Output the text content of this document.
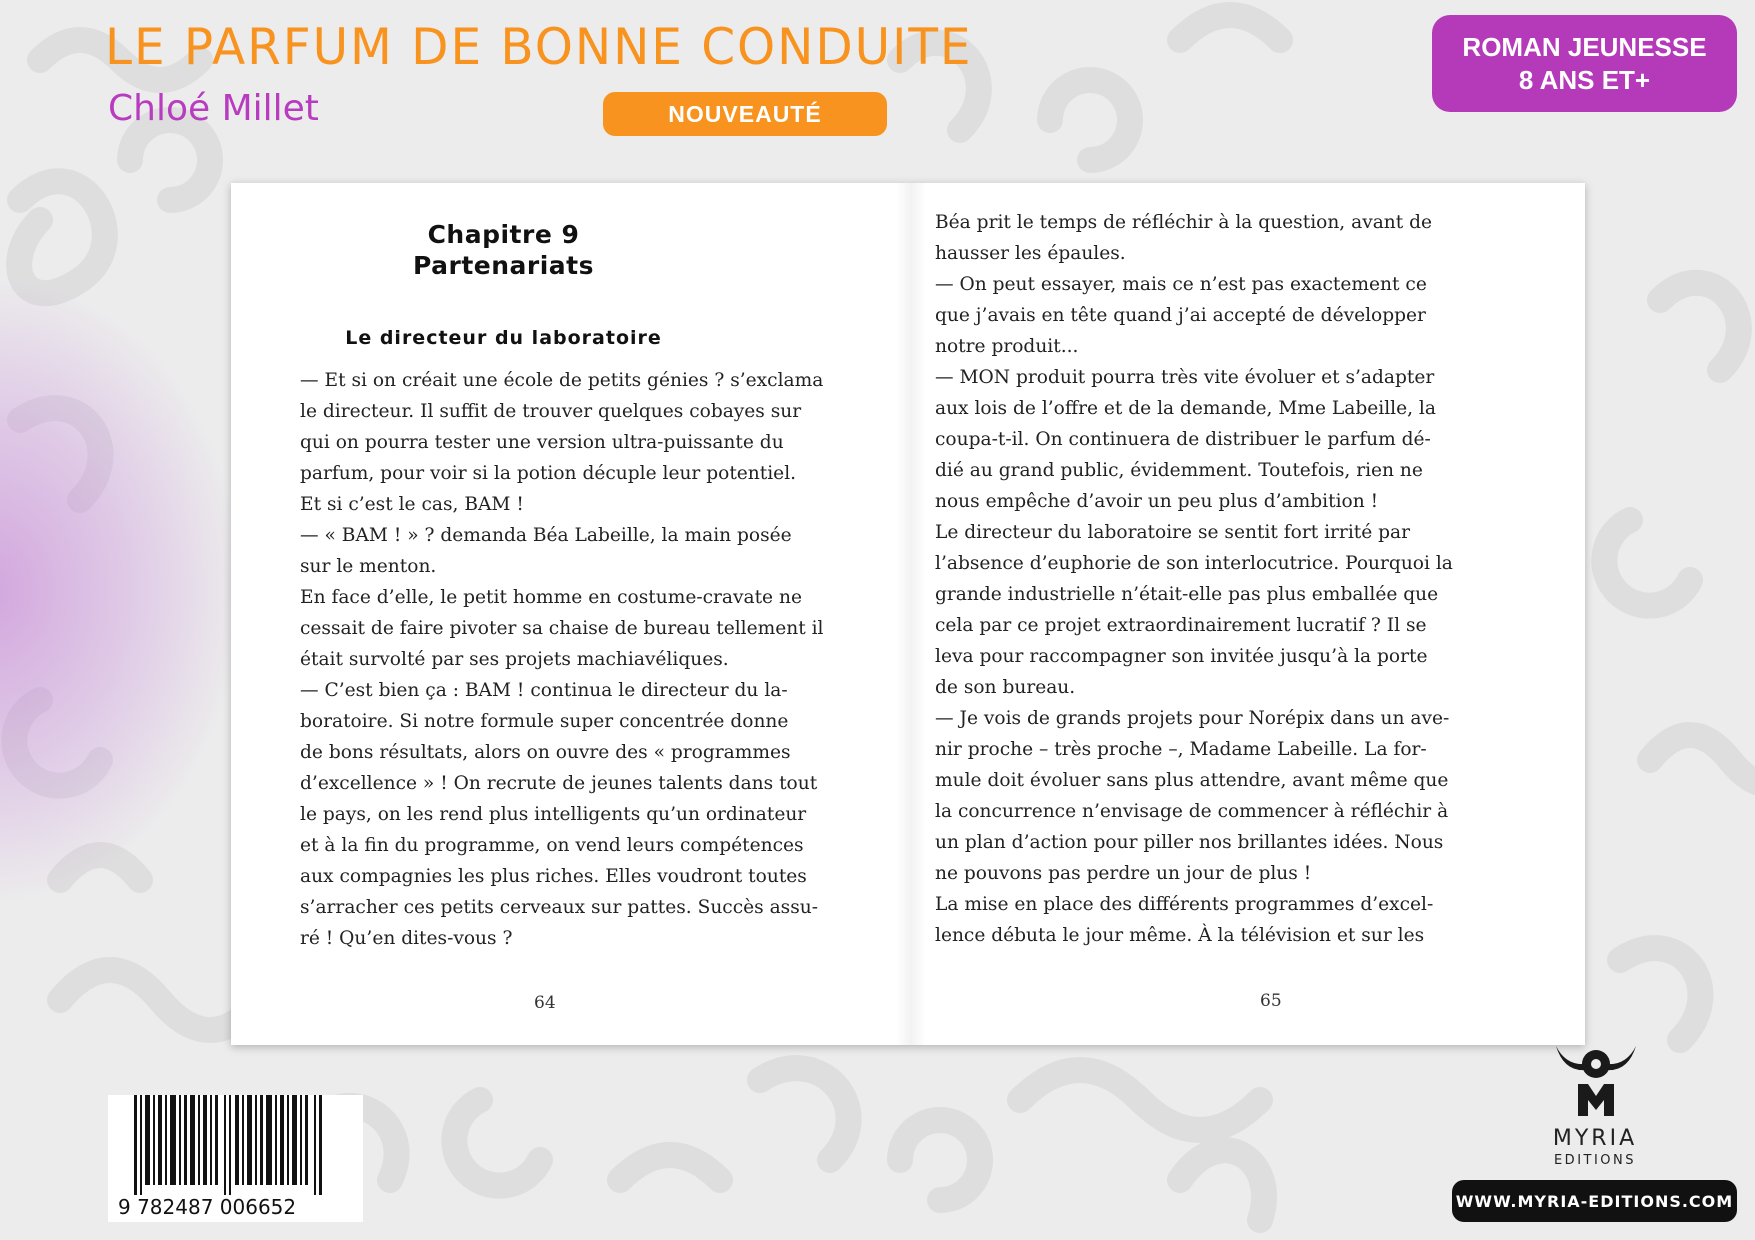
LE PARFUM DE BONNE CONDUITE
Chloé Millet	NOUVEAUTÉ
ROMAN JEUNESSE
8 ANS ET+
Chapitre 9
Partenariats
Le directeur du laboratoire
— Et si on créait une école de petits génies ? s’exclama
le directeur. Il suffit de trouver quelques cobayes sur
qui on pourra tester une version ultra-puissante du
parfum, pour voir si la potion décuple leur potentiel.
Et si c’est le cas, BAM !
— « BAM ! » ? demanda Béa Labeille, la main posée
sur le menton.
En face d’elle, le petit homme en costume-cravate ne
cessait de faire pivoter sa chaise de bureau tellement il
était survolté par ses projets machiavéliques.
— C’est bien ça : BAM ! continua le directeur du la-
boratoire. Si notre formule super concentrée donne
de bons résultats, alors on ouvre des « programmes
d’excellence » ! On recrute de jeunes talents dans tout
le pays, on les rend plus intelligents qu’un ordinateur
et à la fin du programme, on vend leurs compétences
aux compagnies les plus riches. Elles voudront toutes
s’arracher ces petits cerveaux sur pattes. Succès assu-
ré ! Qu’en dites-vous ?
64
Béa prit le temps de réfléchir à la question, avant de
hausser les épaules.
— On peut essayer, mais ce n’est pas exactement ce
que j’avais en tête quand j’ai accepté de développer
notre produit...
— MON produit pourra très vite évoluer et s’adapter
aux lois de l’offre et de la demande, Mme Labeille, la
coupa-t-il. On continuera de distribuer le parfum dé-
dié au grand public, évidemment. Toutefois, rien ne
nous empêche d’avoir un peu plus d’ambition !
Le directeur du laboratoire se sentit fort irrité par
l’absence d’euphorie de son interlocutrice. Pourquoi la
grande industrielle n’était-elle pas plus emballée que
cela par ce projet extraordinairement lucratif ? Il se
leva pour raccompagner son invitée jusqu’à la porte
de son bureau.
— Je vois de grands projets pour Norépix dans un ave-
nir proche – très proche –, Madame Labeille. La for-
mule doit évoluer sans plus attendre, avant même que
la concurrence n’envisage de commencer à réfléchir à
un plan d’action pour piller nos brillantes idées. Nous
ne pouvons pas perdre un jour de plus !
La mise en place des différents programmes d’excel-
lence débuta le jour même. À la télévision et sur les
65
9 782487 006652
MYRIA
EDITIONS
WWW.MYRIA-EDITIONS.COM
